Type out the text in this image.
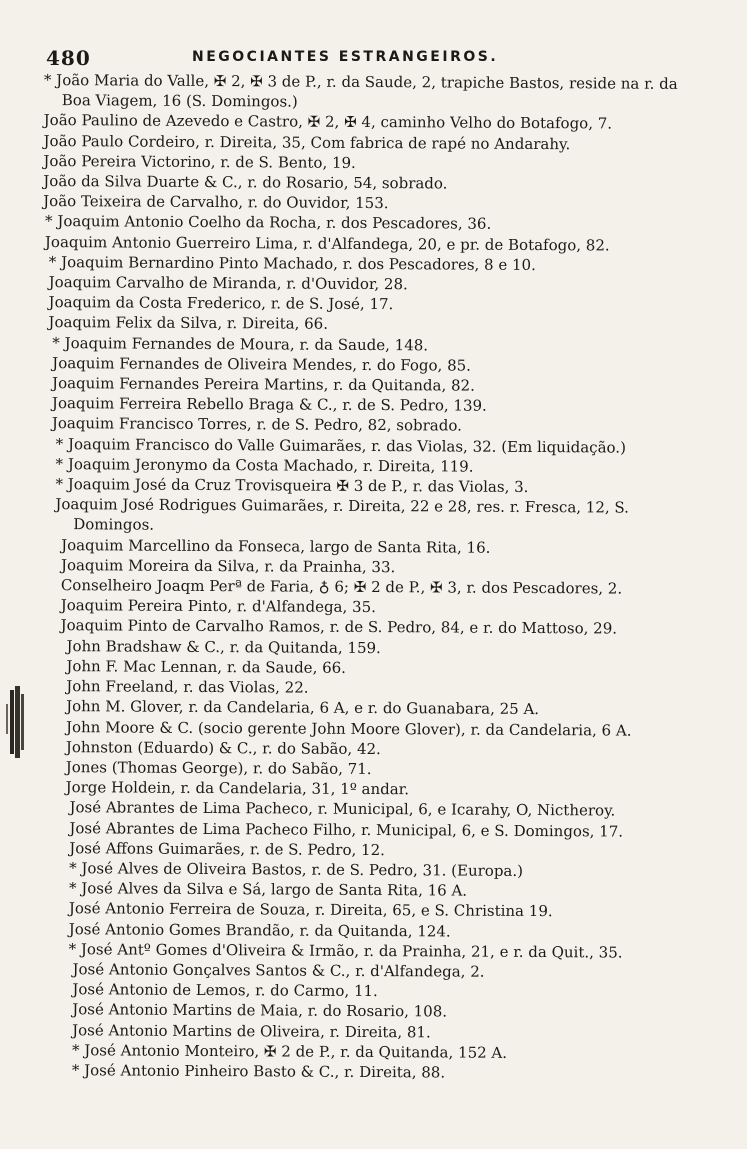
480	NEGOCIANTES ESTRANGEIROS.

* João Maria do Valle, ✠ 2, ✠ 3 de P., r. da Saude, 2, trapiche Bastos, reside na r. da Boa Viagem, 16 (S. Domingos.)

João Paulino de Azevedo e Castro, ✠ 2, ✠ 4, caminho Velho do Botafogo, 7.

João Paulo Cordeiro, r. Direita, 35, Com fabrica de rapé no Andarahy.

João Pereira Victorino, r. de S. Bento, 19.

João da Silva Duarte & C., r. do Rosario, 54, sobrado.

João Teixeira de Carvalho, r. do Ouvidor, 153.

* Joaquim Antonio Coelho da Rocha, r. dos Pescadores, 36.

Joaquim Antonio Guerreiro Lima, r. d'Alfandega, 20, e pr. de Botafogo, 82.

* Joaquim Bernardino Pinto Machado, r. dos Pescadores, 8 e 10.

Joaquim Carvalho de Miranda, r. d'Ouvidor, 28.

Joaquim da Costa Frederico, r. de S. José, 17.

Joaquim Felix da Silva, r. Direita, 66.

* Joaquim Fernandes de Moura, r. da Saude, 148.

Joaquim Fernandes de Oliveira Mendes, r. do Fogo, 85.

Joaquim Fernandes Pereira Martins, r. da Quitanda, 82.

Joaquim Ferreira Rebello Braga & C., r. de S. Pedro, 139.

Joaquim Francisco Torres, r. de S. Pedro, 82, sobrado.

* Joaquim Francisco do Valle Guimarães, r. das Violas, 32. (Em liquidação.)

* Joaquim Jeronymo da Costa Machado, r. Direita, 119.

* Joaquim José da Cruz Trovisqueira ✠ 3 de P., r. das Violas, 3.

Joaquim José Rodrigues Guimarães, r. Direita, 22 e 28, res. r. Fresca, 12, S. Domingos.

Joaquim Marcellino da Fonseca, largo de Santa Rita, 16.

Joaquim Moreira da Silva, r. da Prainha, 33.

Conselheiro Joaqm Perª de Faria, ♁ 6; ✠ 2 de P., ✠ 3, r. dos Pescadores, 2.

Joaquim Pereira Pinto, r. d'Alfandega, 35.

Joaquim Pinto de Carvalho Ramos, r. de S. Pedro, 84, e r. do Mattoso, 29.

John Bradshaw & C., r. da Quitanda, 159.

John F. Mac Lennan, r. da Saude, 66.

John Freeland, r. das Violas, 22.

John M. Glover, r. da Candelaria, 6 A, e r. do Guanabara, 25 A.

John Moore & C. (socio gerente John Moore Glover), r. da Candelaria, 6 A.

Johnston (Eduardo) & C., r. do Sabão, 42.

Jones (Thomas George), r. do Sabão, 71.

Jorge Holdein, r. da Candelaria, 31, 1º andar.

José Abrantes de Lima Pacheco, r. Municipal, 6, e Icarahy, O, Nictheroy.

José Abrantes de Lima Pacheco Filho, r. Municipal, 6, e S. Domingos, 17.

José Affons Guimarães, r. de S. Pedro, 12.

* José Alves de Oliveira Bastos, r. de S. Pedro, 31. (Europa.)

* José Alves da Silva e Sá, largo de Santa Rita, 16 A.

José Antonio Ferreira de Souza, r. Direita, 65, e S. Christina 19.

José Antonio Gomes Brandão, r. da Quitanda, 124.

* José Antº Gomes d'Oliveira & Irmão, r. da Prainha, 21, e r. da Quit., 35.

José Antonio Gonçalves Santos & C., r. d'Alfandega, 2.

José Antonio de Lemos, r. do Carmo, 11.

José Antonio Martins de Maia, r. do Rosario, 108.

José Antonio Martins de Oliveira, r. Direita, 81.

* José Antonio Monteiro, ✠ 2 de P., r. da Quitanda, 152 A.

* José Antonio Pinheiro Basto & C., r. Direita, 88.
